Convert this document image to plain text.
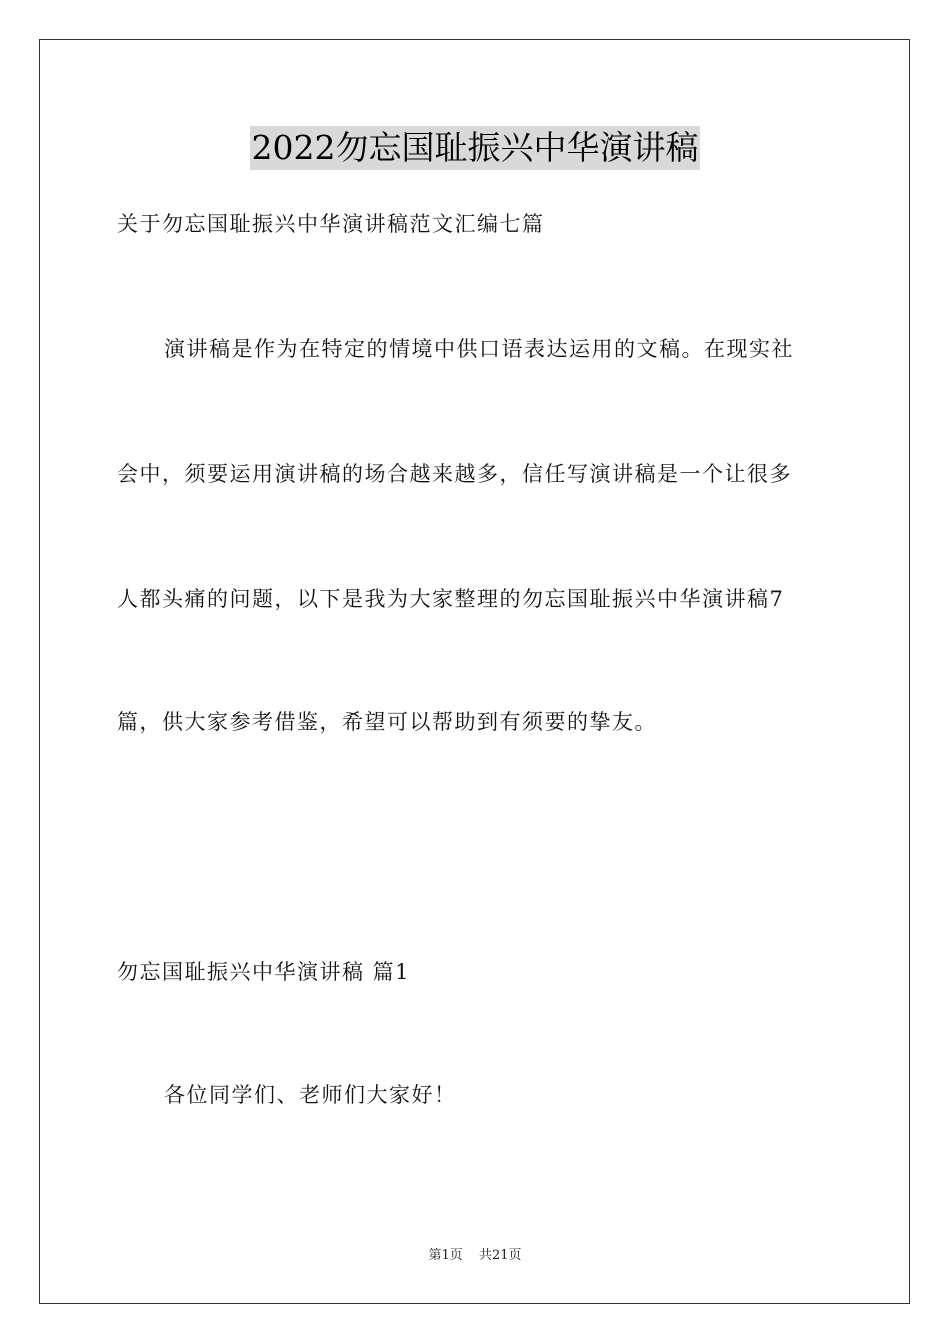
2022勿忘国耻振兴中华演讲稿
关于勿忘国耻振兴中华演讲稿范文汇编七篇
演讲稿是作为在特定的情境中供口语表达运用的文稿。在现实社
会中，须要运用演讲稿的场合越来越多，信任写演讲稿是一个让很多
人都头痛的问题，以下是我为大家整理的勿忘国耻振兴中华演讲稿7
篇，供大家参考借鉴，希望可以帮助到有须要的挚友。
勿忘国耻振兴中华演讲稿 篇1
各位同学们、老师们大家好！
第1页 共21页
